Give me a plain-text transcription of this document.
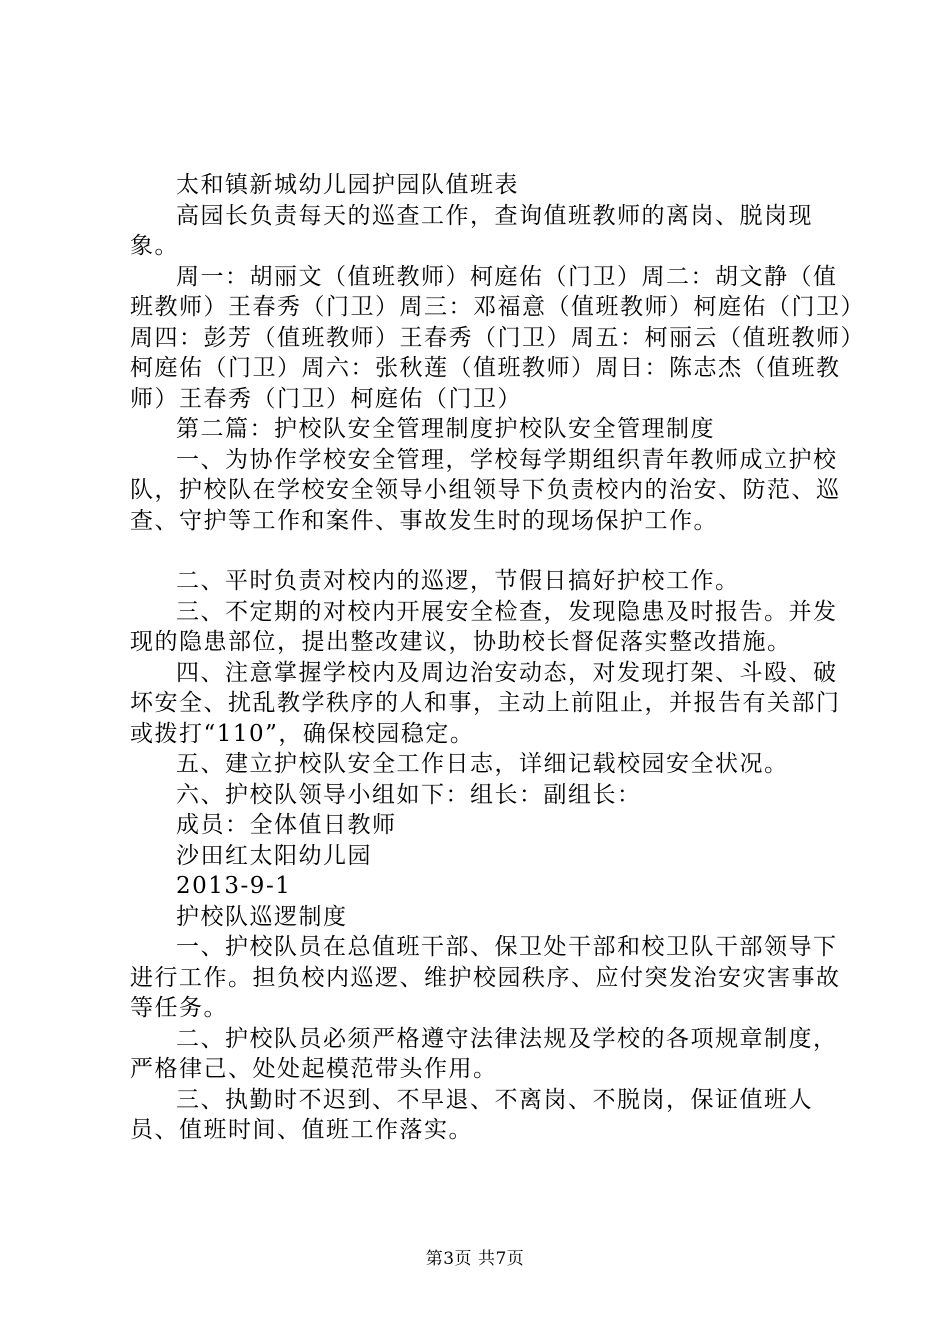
太和镇新城幼儿园护园队值班表

高园长负责每天的巡查工作，查询值班教师的离岗、脱岗现象。

周一：胡丽文（值班教师）柯庭佑（门卫）周二：胡文静（值班教师）王春秀（门卫）周三：邓福意（值班教师）柯庭佑（门卫）周四：彭芳（值班教师）王春秀（门卫）周五：柯丽云（值班教师）柯庭佑（门卫）周六：张秋莲（值班教师）周日：陈志杰（值班教师）王春秀（门卫）柯庭佑（门卫）

第二篇：护校队安全管理制度护校队安全管理制度

一、为协作学校安全管理，学校每学期组织青年教师成立护校队，护校队在学校安全领导小组领导下负责校内的治安、防范、巡查、守护等工作和案件、事故发生时的现场保护工作。

二、平时负责对校内的巡逻，节假日搞好护校工作。

三、不定期的对校内开展安全检查，发现隐患及时报告。并发现的隐患部位，提出整改建议，协助校长督促落实整改措施。

四、注意掌握学校内及周边治安动态，对发现打架、斗殴、破坏安全、扰乱教学秩序的人和事，主动上前阻止，并报告有关部门或拨打“110”，确保校园稳定。

五、建立护校队安全工作日志，详细记载校园安全状况。

六、护校队领导小组如下：组长：副组长：

成员：全体值日教师

沙田红太阳幼儿园

2013-9-1

护校队巡逻制度

一、护校队员在总值班干部、保卫处干部和校卫队干部领导下进行工作。担负校内巡逻、维护校园秩序、应付突发治安灾害事故等任务。

二、护校队员必须严格遵守法律法规及学校的各项规章制度，严格律己、处处起模范带头作用。

三、执勤时不迟到、不早退、不离岗、不脱岗，保证值班人员、值班时间、值班工作落实。

第3页 共7页
